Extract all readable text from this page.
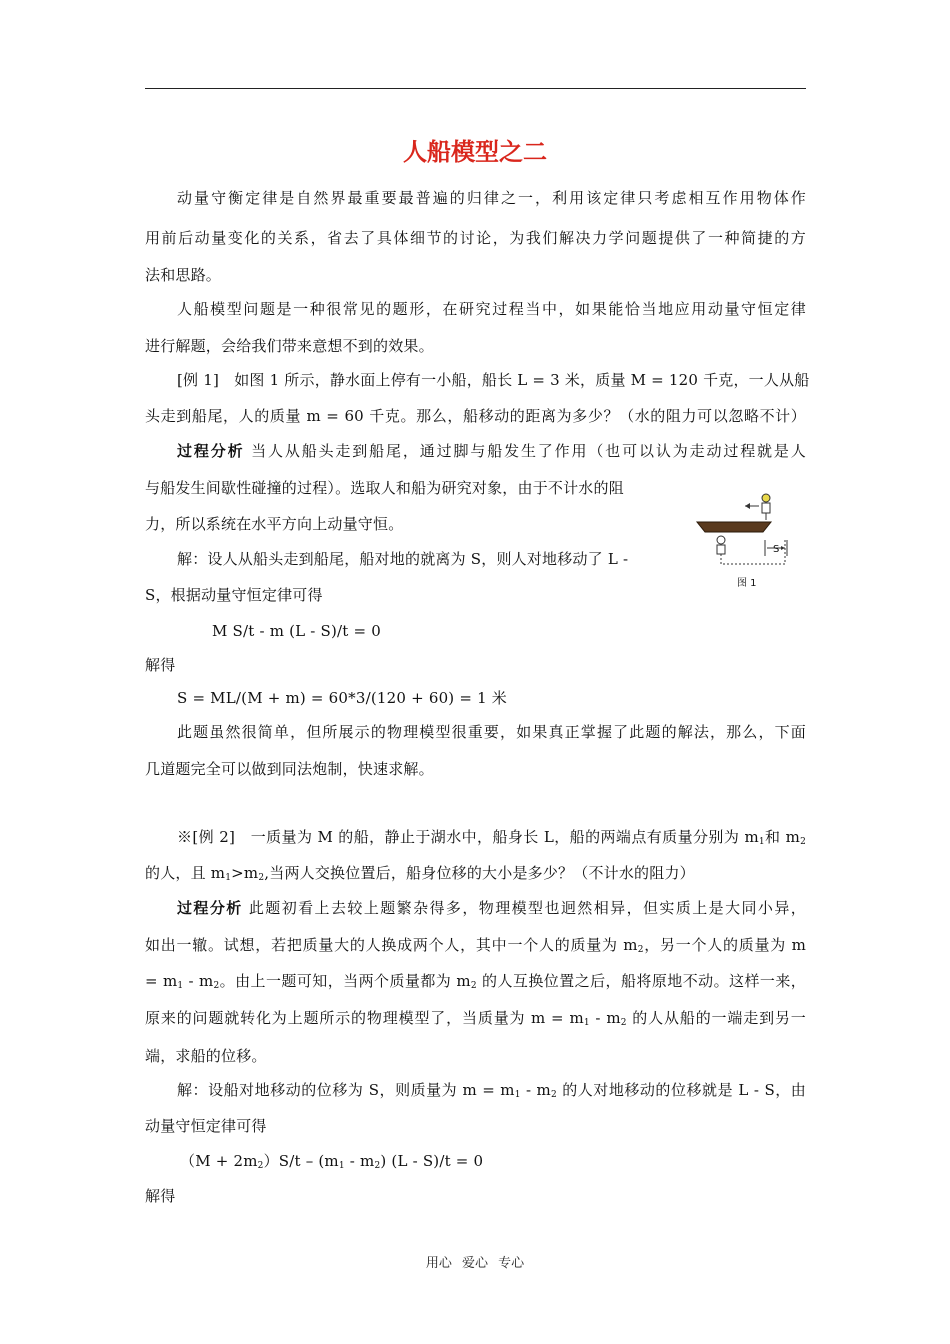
人船模型之二
动量守衡定律是自然界最重要最普遍的归律之一，利用该定律只考虑相互作用物体作
用前后动量变化的关系，省去了具体细节的讨论，为我们解决力学问题提供了一种简捷的方
法和思路。
人船模型问题是一种很常见的题形，在研究过程当中，如果能恰当地应用动量守恒定律
进行解题，会给我们带来意想不到的效果。
[例 1]　如图 1 所示，静水面上停有一小船，船长 L = 3 米，质量 M = 120 千克，一人从船
头走到船尾，人的质量 m = 60 千克。那么，船移动的距离为多少？（水的阻力可以忽略不计）
过程分析 当人从船头走到船尾，通过脚与船发生了作用（也可以认为走动过程就是人
与船发生间歇性碰撞的过程）。选取人和船为研究对象，由于不计水的阻
力，所以系统在水平方向上动量守恒。
解：设人从船头走到船尾，船对地的就离为 S，则人对地移动了 L -
S，根据动量守恒定律可得
M S/t - m (L - S)/t = 0
解得
S = ML/(M + m) = 60*3/(120 + 60) = 1 米
此题虽然很简单，但所展示的物理模型很重要，如果真正掌握了此题的解法，那么，下面
几道题完全可以做到同法炮制，快速求解。
※[例 2]　一质量为 M 的船，静止于湖水中，船身长 L，船的两端点有质量分别为 $m_1$和 $m_2$
的人，且 $m_1>m_2$,当两人交换位置后，船身位移的大小是多少？（不计水的阻力）
过程分析 此题初看上去较上题繁杂得多，物理模型也迥然相异，但实质上是大同小异，
如出一辙。试想，若把质量大的人换成两个人，其中一个人的质量为 $m_2$，另一个人的质量为 m
= $m_1 - m_2$。由上一题可知，当两个质量都为 $m_2$ 的人互换位置之后，船将原地不动。这样一来，
原来的问题就转化为上题所示的物理模型了，当质量为 $m = m_1 - m_2$ 的人从船的一端走到另一
端，求船的位移。
解：设船对地移动的位移为 S，则质量为 $m = m_1 - m_2$ 的人对地移动的位移就是 L - S，由
动量守恒定律可得
$(M + 2m_2)S/t - (m_1 - m_2)$ (L - S)/t = 0
解得
S
图 1
用心 爱心 专心
